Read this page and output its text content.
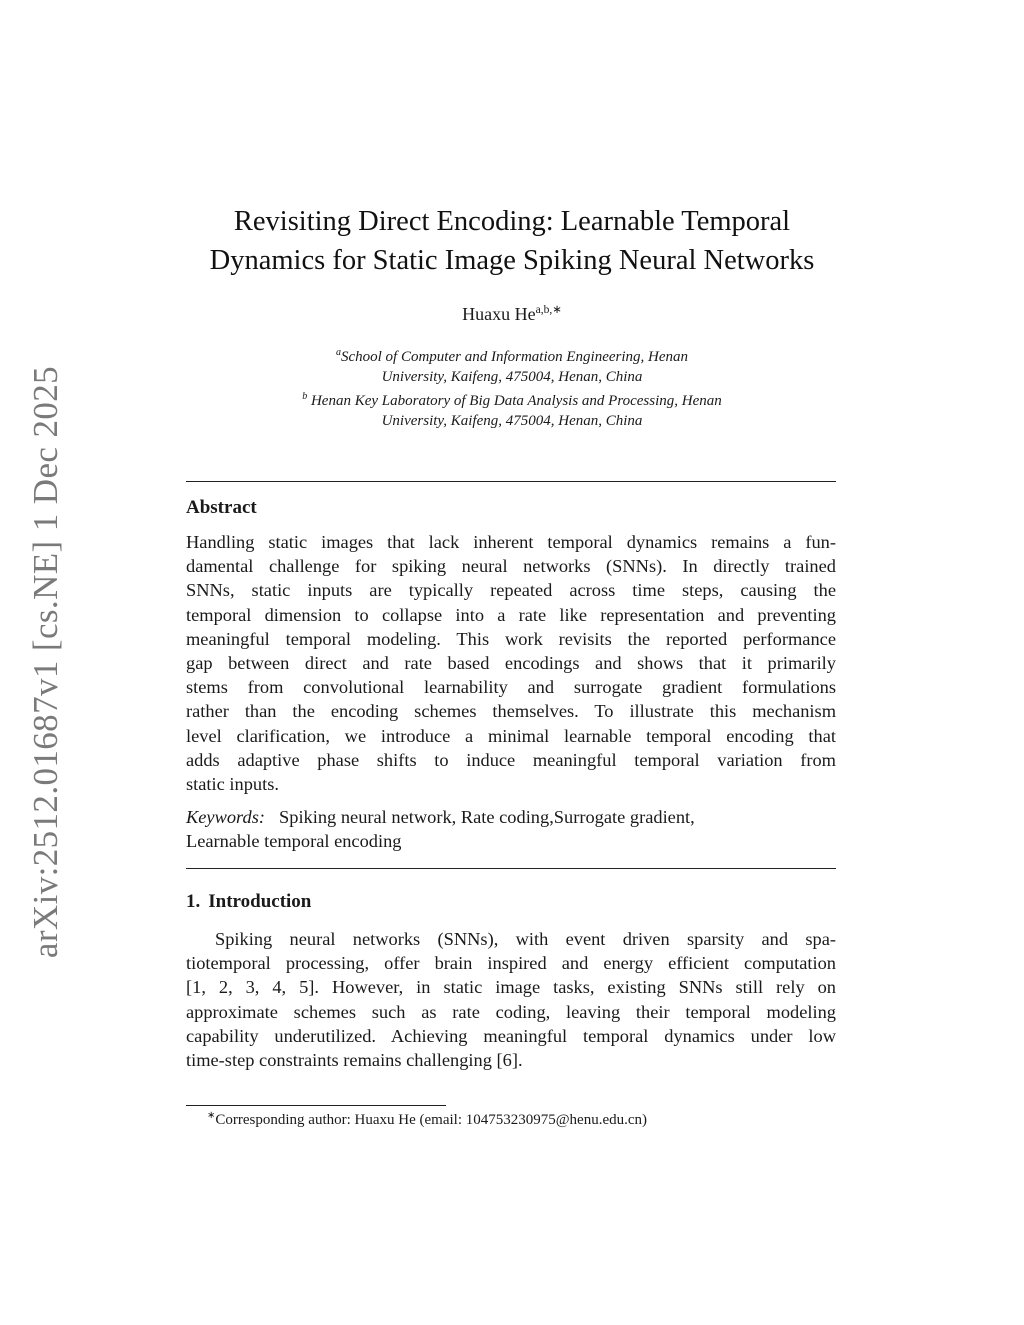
arXiv:2512.01687v1 [cs.NE] 1 Dec 2025
Revisiting Direct Encoding: Learnable Temporal
Dynamics for Static Image Spiking Neural Networks
Huaxu $He^{a,b,∗}$
$^a$School of Computer and Information Engineering, Henan
University, Kaifeng, 475004, Henan, China
$^b$ Henan Key Laboratory of Big Data Analysis and Processing, Henan
University, Kaifeng, 475004, Henan, China
Abstract
Handling static images that lack inherent temporal dynamics remains a fun-
damental challenge for spiking neural networks (SNNs). In directly trained
SNNs, static inputs are typically repeated across time steps, causing the
temporal dimension to collapse into a rate like representation and preventing
meaningful temporal modeling. This work revisits the reported performance
gap between direct and rate based encodings and shows that it primarily
stems from convolutional learnability and surrogate gradient formulations
rather than the encoding schemes themselves. To illustrate this mechanism
level clarification, we introduce a minimal learnable temporal encoding that
adds adaptive phase shifts to induce meaningful temporal variation from
static inputs.
Keywords: Spiking neural network, Rate coding,Surrogate gradient,
Learnable temporal encoding
1. Introduction
Spiking neural networks (SNNs), with event driven sparsity and spa-
tiotemporal processing, offer brain inspired and energy efficient computation
[1, 2, 3, 4, 5]. However, in static image tasks, existing SNNs still rely on
approximate schemes such as rate coding, leaving their temporal modeling
capability underutilized. Achieving meaningful temporal dynamics under low
time-step constraints remains challenging [6].
∗Corresponding author: Huaxu He (email: 104753230975@henu.edu.cn)
